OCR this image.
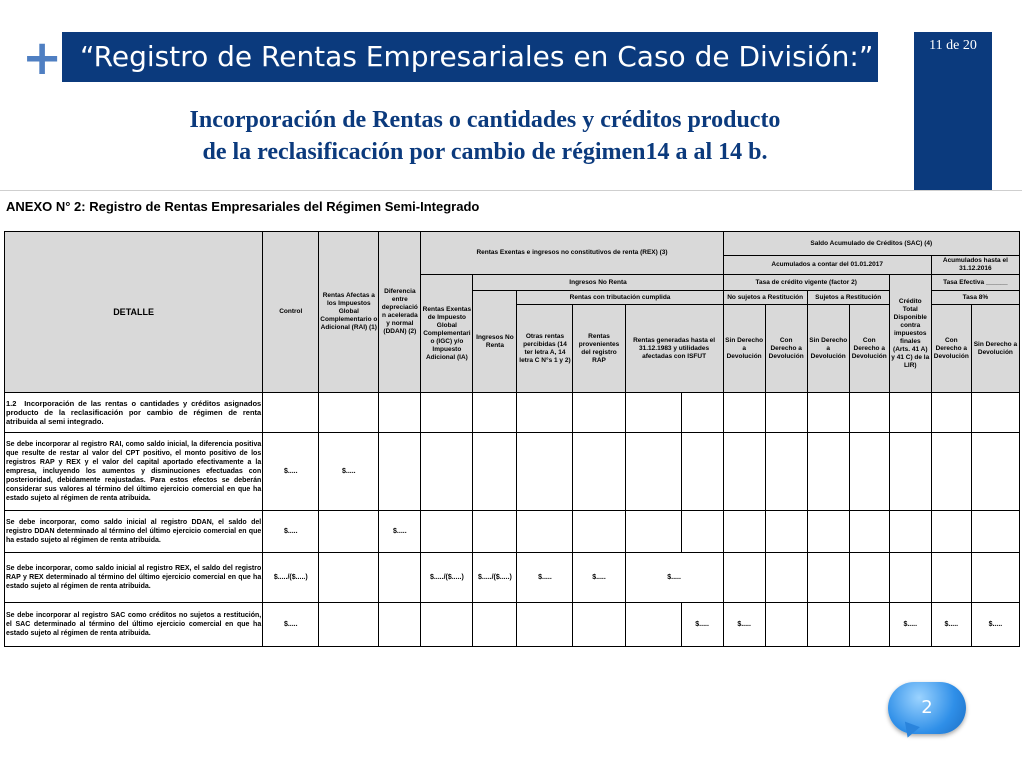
+ “Registro de Rentas Empresariales en Caso de División:”	11 de 20
Incorporación de Rentas o cantidades y créditos producto
de la reclasificación por cambio de régimen14 a al 14 b.
ANEXO N° 2: Registro de Rentas Empresariales del Régimen Semi-Integrado
DETALLE	Control	Rentas Afectas a los Impuestos Global Complementario o Adicional (RAI) (1)	Diferencia entre depreciación acelerada y normal (DDAN) (2)	Rentas Exentas e ingresos no constitutivos de renta (REX) (3)						Saldo Acumulado de Créditos (SAC) (4)						
										Acumulados a contar del 01.01.2017					Acumulados hasta el 31.12.2016	
				Rentas Exentas de Impuesto Global Complementario (IGC) y/o Impuesto Adicional (IA)	Ingresos No Renta					Tasa de crédito vigente (factor 2)				Crédito Total Disponible contra impuestos finales (Arts. 41 A) y 41 C) de la LIR)	Tasa Efectiva ______	
					Ingresos No Renta	Rentas con tributación cumplida				No sujetos a Restitución		Sujetos a Restitución			Tasa 8%	
						Otras rentas percibidas (14 ter letra A, 14 letra C N°s 1 y 2)	Rentas provenientes del registro RAP	Rentas generadas hasta el 31.12.1983 y utilidades afectadas con ISFUT		Sin Derecho a Devolución	Con Derecho a Devolución	Sin Derecho a Devolución	Con Derecho a Devolución		Con Derecho a Devolución	Sin Derecho a Devolución

1.2 Incorporación de las rentas o cantidades y créditos asignados producto de la reclasificación por cambio de régimen de renta atribuida al semi integrado.																

Se debe incorporar al registro RAI, como saldo inicial, la diferencia positiva que resulte de restar al valor del CPT positivo, el monto positivo de los registros RAP y REX y el valor del capital aportado efectivamente a la empresa, incluyendo los aumentos y disminuciones efectuadas con posterioridad, debidamente reajustadas. Para estos efectos se deberán considerar sus valores al término del último ejercicio comercial en que ha estado sujeto al régimen de renta atribuida.	$.....	$.....														

Se debe incorporar, como saldo inicial al registro DDAN, el saldo del registro DDAN determinado al término del último ejercicio comercial en que ha estado sujeto al régimen de renta atribuida.	$.....		$.....													

Se debe incorporar, como saldo inicial al registro REX, el saldo del registro RAP y REX determinado al término del último ejercicio comercial en que ha estado sujeto al régimen de renta atribuida.	$...../($.....)			$...../($.....)	$...../($.....)	$.....	$.....	$.....								

Se debe incorporar al registro SAC como créditos no sujetos a restitución, el SAC determinado al término del último ejercicio comercial en que ha estado sujeto al régimen de renta atribuida.	$.....								$.....	$.....				$.....	$.....	$.....
2
